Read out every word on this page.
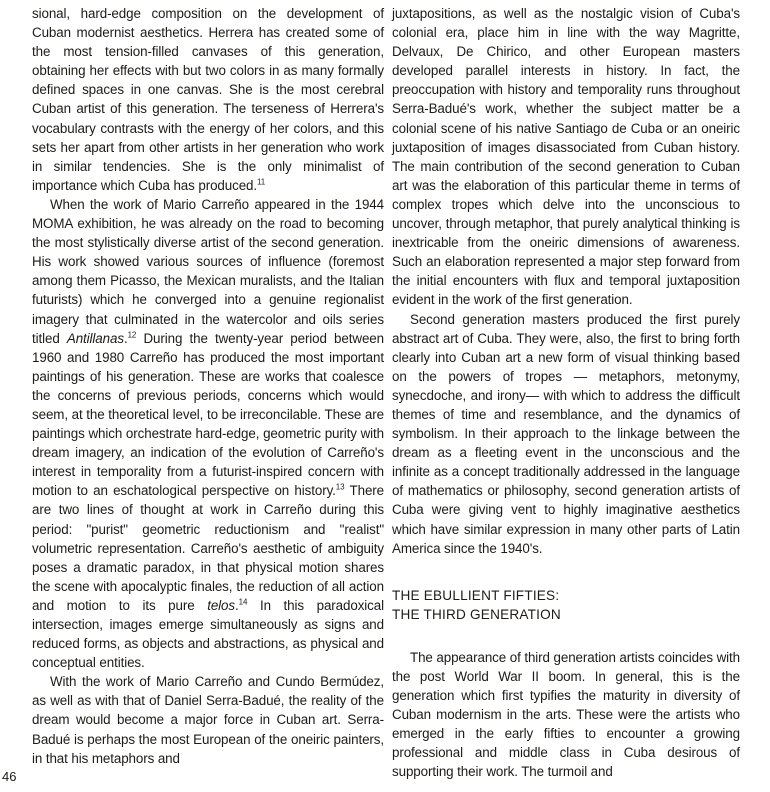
sional, hard-edge composition on the development of Cuban modernist aesthetics. Herrera has created some of the most tension-filled canvases of this generation, obtaining her effects with but two colors in as many formally defined spaces in one canvas. She is the most cerebral Cuban artist of this generation. The terseness of Herrera's vocabulary contrasts with the energy of her colors, and this sets her apart from other artists in her generation who work in similar tendencies. She is the only minimalist of importance which Cuba has produced.$^{11}$

When the work of Mario Carreño appeared in the 1944 MOMA exhibition, he was already on the road to becoming the most stylistically diverse artist of the second generation. His work showed various sources of influence (foremost among them Picasso, the Mexican muralists, and the Italian futurists) which he converged into a genuine regionalist imagery that culminated in the watercolor and oils series titled Antillanas.$^{12}$ During the twenty-year period between 1960 and 1980 Carreño has produced the most important paintings of his generation. These are works that coalesce the concerns of previous periods, concerns which would seem, at the theoretical level, to be irreconcilable. These are paintings which orchestrate hard-edge, geometric purity with dream imagery, an indication of the evolution of Carreño's interest in temporality from a futurist-inspired concern with motion to an eschatological perspective on history.$^{13}$ There are two lines of thought at work in Carreño during this period: "purist" geometric reductionism and "realist" volumetric representation. Carreño's aesthetic of ambiguity poses a dramatic paradox, in that physical motion shares the scene with apocalyptic finales, the reduction of all action and motion to its pure telos.$^{14}$ In this paradoxical intersection, images emerge simultaneously as signs and reduced forms, as objects and abstractions, as physical and conceptual entities.

With the work of Mario Carreño and Cundo Bermúdez, as well as with that of Daniel Serra-Badué, the reality of the dream would become a major force in Cuban art. Serra-Badué is perhaps the most European of the oneiric painters, in that his metaphors and

juxtapositions, as well as the nostalgic vision of Cuba's colonial era, place him in line with the way Magritte, Delvaux, De Chirico, and other European masters developed parallel interests in history. In fact, the preoccupation with history and temporality runs throughout Serra-Badué's work, whether the subject matter be a colonial scene of his native Santiago de Cuba or an oneiric juxtaposition of images disassociated from Cuban history. The main contribution of the second generation to Cuban art was the elaboration of this particular theme in terms of complex tropes which delve into the unconscious to uncover, through metaphor, that purely analytical thinking is inextricable from the oneiric dimensions of awareness. Such an elaboration represented a major step forward from the initial encounters with flux and temporal juxtaposition evident in the work of the first generation.

Second generation masters produced the first purely abstract art of Cuba. They were, also, the first to bring forth clearly into Cuban art a new form of visual thinking based on the powers of tropes — metaphors, metonymy, synecdoche, and irony— with which to address the difficult themes of time and resemblance, and the dynamics of symbolism. In their approach to the linkage between the dream as a fleeting event in the unconscious and the infinite as a concept traditionally addressed in the language of mathematics or philosophy, second generation artists of Cuba were giving vent to highly imaginative aesthetics which have similar expression in many other parts of Latin America since the 1940's.

THE EBULLIENT FIFTIES:
THE THIRD GENERATION

The appearance of third generation artists coincides with the post World War II boom. In general, this is the generation which first typifies the maturity in diversity of Cuban modernism in the arts. These were the artists who emerged in the early fifties to encounter a growing professional and middle class in Cuba desirous of supporting their work. The turmoil and

46
